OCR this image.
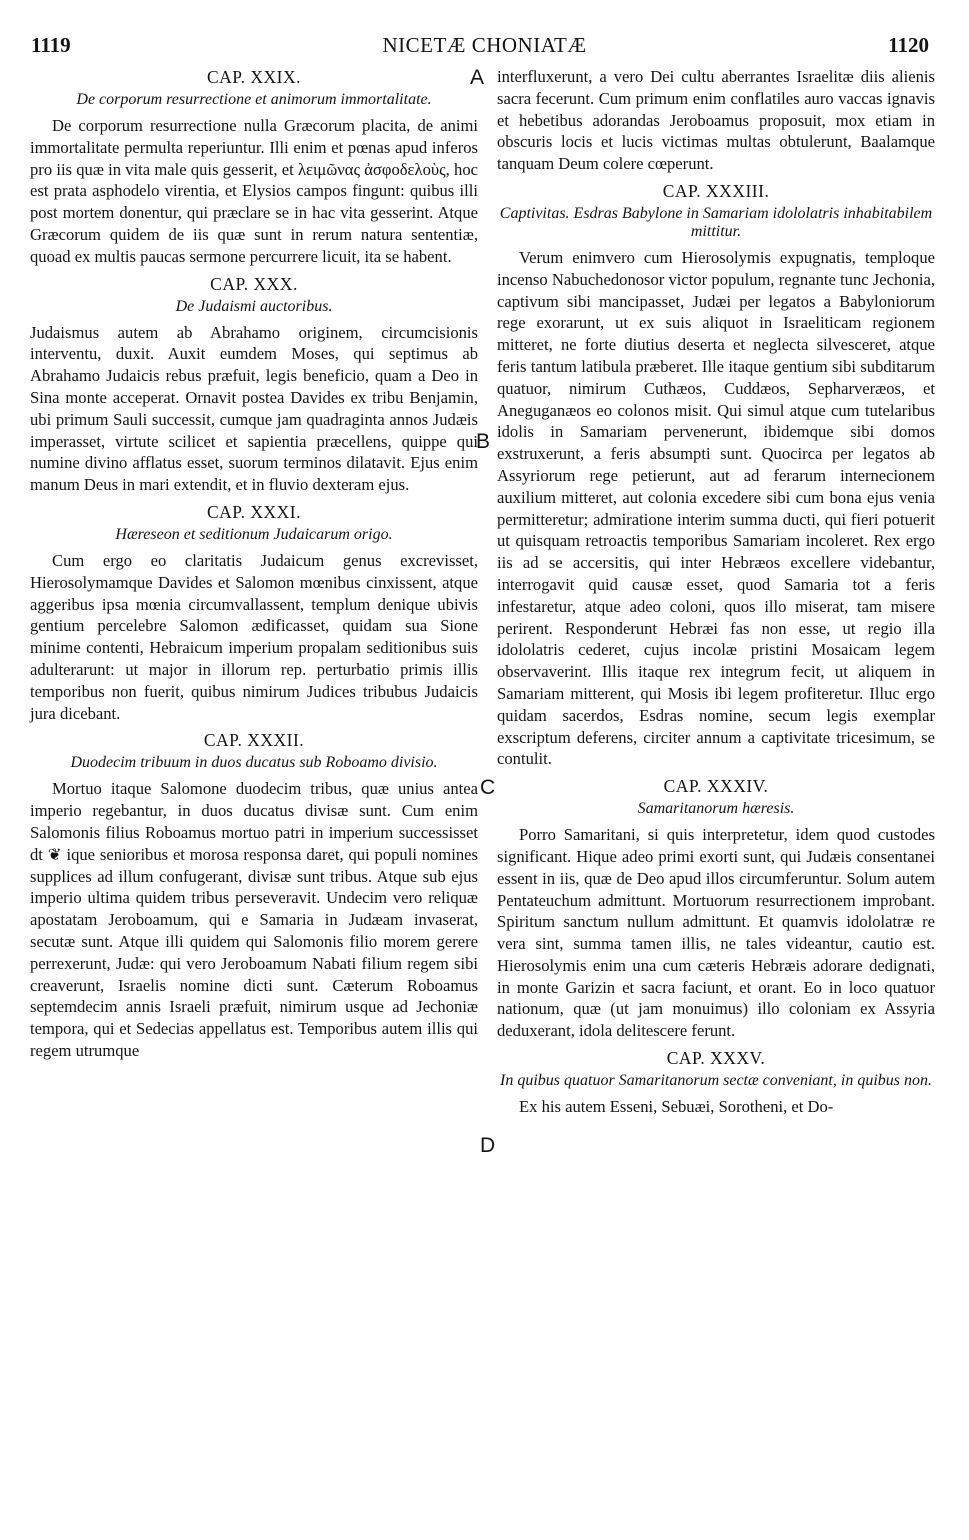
1119	NICETÆ CHONIATÆ	1120
A
B
C
D
CAP. XXIX.
De corporum resurrectione et animorum immortalitate.

De corporum resurrectione nulla Græcorum placita, de animi immortalitate permulta reperiuntur. Illi enim et pœnas apud inferos pro iis quæ in vita male quis gesserit, et λειμῶνας ἀσφοδελοὺς, hoc est prata asphodelo virentia, et Elysios campos fingunt: quibus illi post mortem donentur, qui præclare se in hac vita gesserint. Atque Græcorum quidem de iis quæ sunt in rerum natura sententiæ, quoad ex multis paucas sermone percurrere licuit, ita se habent.

CAP. XXX.
De Judaismi auctoribus.

Judaismus autem ab Abrahamo originem, circumcisionis interventu, duxit. Auxit eumdem Moses, qui septimus ab Abrahamo Judaicis rebus præfuit, legis beneficio, quam a Deo in Sina monte acceperat. Ornavit postea Davides ex tribu Benjamin, ubi primum Sauli successit, cumque jam quadraginta annos Judæis imperasset, virtute scilicet et sapientia præcellens, quippe qui numine divino afflatus esset, suorum terminos dilatavit. Ejus enim manum Deus in mari extendit, et in fluvio dexteram ejus.

CAP. XXXI.
Hæreseon et seditionum Judaicarum origo.

Cum ergo eo claritatis Judaicum genus excrevisset, Hierosolymamque Davides et Salomon mœnibus cinxissent, atque aggeribus ipsa mœnia circumvallassent, templum denique ubivis gentium percelebre Salomon ædificasset, quidam sua Sione minime contenti, Hebraicum imperium propalam seditionibus suis adulterarunt: ut major in illorum rep. perturbatio primis illis temporibus non fuerit, quibus nimirum Judices tribubus Judaicis jura dicebant.

CAP. XXXII.
Duodecim tribuum in duos ducatus sub Roboamo divisio.

Mortuo itaque Salomone duodecim tribus, quæ unius antea imperio regebantur, in duos ducatus divisæ sunt. Cum enim Salomonis filius Roboamus mortuo patri in imperium successisset dt ❦ ique senioribus et morosa responsa daret, qui populi nomines supplices ad illum confugerant, divisæ sunt tribus. Atque sub ejus imperio ultima quidem tribus perseveravit. Undecim vero reliquæ apostatam Jeroboamum, qui e Samaria in Judæam invaserat, secutæ sunt. Atque illi quidem qui Salomonis filio morem gerere perrexerunt, Judæ: qui vero Jeroboamum Nabati filium regem sibi creaverunt, Israelis nomine dicti sunt. Cæterum Roboamus septemdecim annis Israeli præfuit, nimirum usque ad Jechoniæ tempora, qui et Sedecias appellatus est. Temporibus autem illis qui regem utrumque

interfluxerunt, a vero Dei cultu aberrantes Israelitæ diis alienis sacra fecerunt. Cum primum enim conflatiles auro vaccas ignavis et hebetibus adorandas Jeroboamus proposuit, mox etiam in obscuris locis et lucis victimas multas obtulerunt, Baalamque tanquam Deum colere cœperunt.

CAP. XXXIII.
Captivitas. Esdras Babylone in Samariam idololatris inhabitabilem mittitur.

Verum enimvero cum Hierosolymis expugnatis, temploque incenso Nabuchedonosor victor populum, regnante tunc Jechonia, captivum sibi mancipasset, Judæi per legatos a Babyloniorum rege exorarunt, ut ex suis aliquot in Israeliticam regionem mitteret, ne forte diutius deserta et neglecta silvesceret, atque feris tantum latibula præberet. Ille itaque gentium sibi subditarum quatuor, nimirum Cuthæos, Cuddæos, Sepharveræos, et Aneguganæos eo colonos misit. Qui simul atque cum tutelaribus idolis in Samariam pervenerunt, ibidemque sibi domos exstruxerunt, a feris absumpti sunt. Quocirca per legatos ab Assyriorum rege petierunt, aut ad ferarum internecionem auxilium mitteret, aut colonia excedere sibi cum bona ejus venia permitteretur; admiratione interim summa ducti, qui fieri potuerit ut quisquam retroactis temporibus Samariam incoleret. Rex ergo iis ad se accersitis, qui inter Hebræos excellere videbantur, interrogavit quid causæ esset, quod Samaria tot a feris infestaretur, atque adeo coloni, quos illo miserat, tam misere perirent. Responderunt Hebræi fas non esse, ut regio illa idololatris cederet, cujus incolæ pristini Mosaicam legem observaverint. Illis itaque rex integrum fecit, ut aliquem in Samariam mitterent, qui Mosis ibi legem profiteretur. Illuc ergo quidam sacerdos, Esdras nomine, secum legis exemplar exscriptum deferens, circiter annum a captivitate tricesimum, se contulit.

CAP. XXXIV.
Samaritanorum hæresis.

Porro Samaritani, si quis interpretetur, idem quod custodes significant. Hique adeo primi exorti sunt, qui Judæis consentanei essent in iis, quæ de Deo apud illos circumferuntur. Solum autem Pentateuchum admittunt. Mortuorum resurrectionem improbant. Spiritum sanctum nullum admittunt. Et quamvis idololatræ re vera sint, summa tamen illis, ne tales videantur, cautio est. Hierosolymis enim una cum cæteris Hebræis adorare dedignati, in monte Garizin et sacra faciunt, et orant. Eo in loco quatuor nationum, quæ (ut jam monuimus) illo coloniam ex Assyria deduxerant, idola delitescere ferunt.

CAP. XXXV.
In quibus quatuor Samaritanorum sectæ conveniant, in quibus non.

Ex his autem Esseni, Sebuæi, Sorotheni, et Do-
